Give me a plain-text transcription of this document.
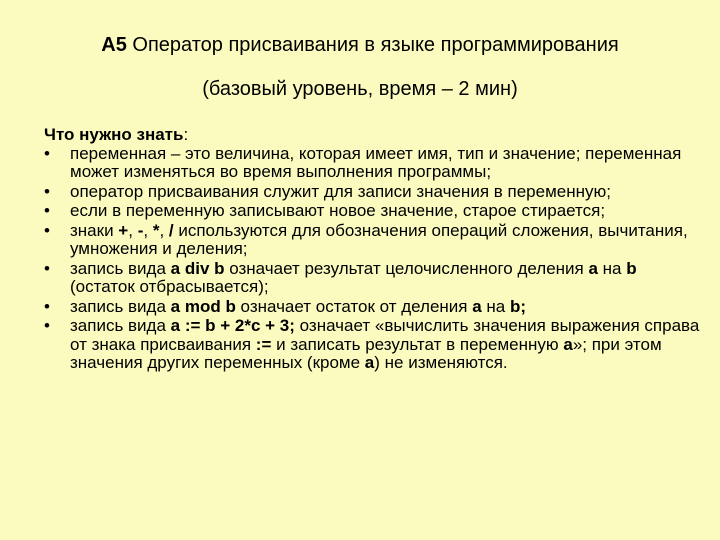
А5 Оператор присваивания в языке программирования
(базовый уровень, время – 2 мин)
Что нужно знать:
• переменная – это величина, которая имеет имя, тип и значение; переменная может изменяться во время выполнения программы;
• оператор присваивания служит для записи значения в переменную;
• если в переменную записывают новое значение, старое стирается;
• знаки +, -, *, / используются для обозначения операций сложения, вычитания, умножения и деления;
• запись вида a div b означает результат целочисленного деления a на b (остаток отбрасывается);
• запись вида a mod b означает остаток от деления a на b;
• запись вида a := b + 2*c + 3; означает «вычислить значения выражения справа от знака присваивания := и записать результат в переменную a»; при этом значения других переменных (кроме a) не изменяются.
